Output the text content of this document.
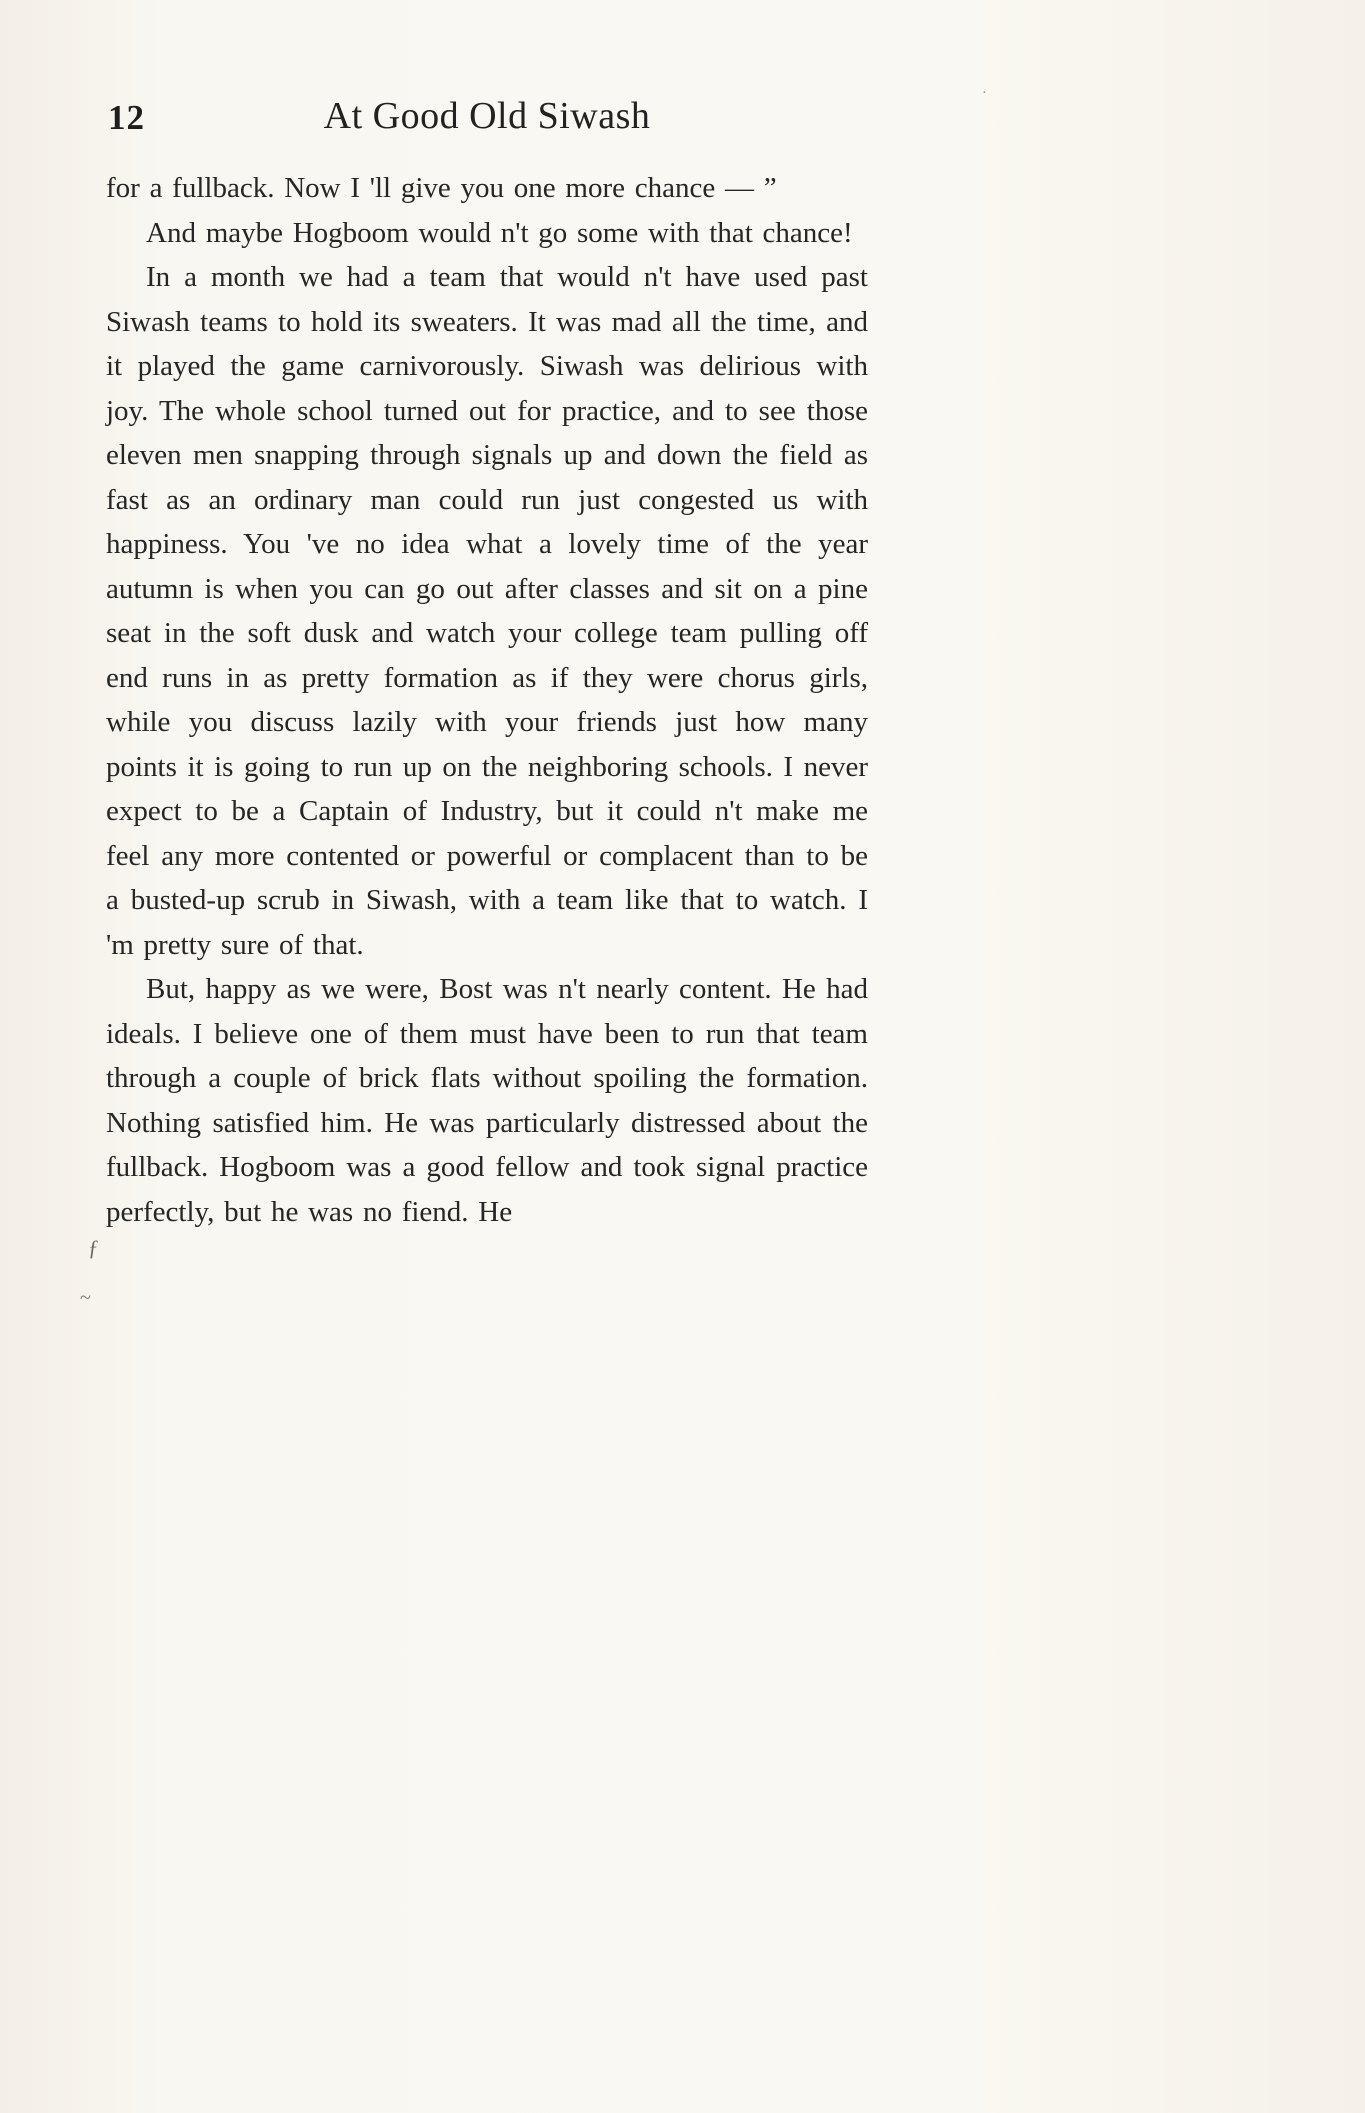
12	At Good Old Siwash

for a fullback. Now I 'll give you one more chance — ”

And maybe Hogboom would n't go some with that chance!

In a month we had a team that would n't have used past Siwash teams to hold its sweaters. It was mad all the time, and it played the game carnivorously. Siwash was delirious with joy. The whole school turned out for practice, and to see those eleven men snapping through signals up and down the field as fast as an ordinary man could run just congested us with happiness. You 've no idea what a lovely time of the year autumn is when you can go out after classes and sit on a pine seat in the soft dusk and watch your college team pulling off end runs in as pretty formation as if they were chorus girls, while you discuss lazily with your friends just how many points it is going to run up on the neighboring schools. I never expect to be a Captain of Industry, but it could n't make me feel any more contented or powerful or complacent than to be a busted-up scrub in Siwash, with a team like that to watch. I 'm pretty sure of that.

But, happy as we were, Bost was n't nearly content. He had ideals. I believe one of them must have been to run that team through a couple of brick flats without spoiling the formation. Nothing satisfied him. He was particularly distressed about the fullback. Hogboom was a good fellow and took signal practice perfectly, but he was no fiend. He

·
ƒ
~
